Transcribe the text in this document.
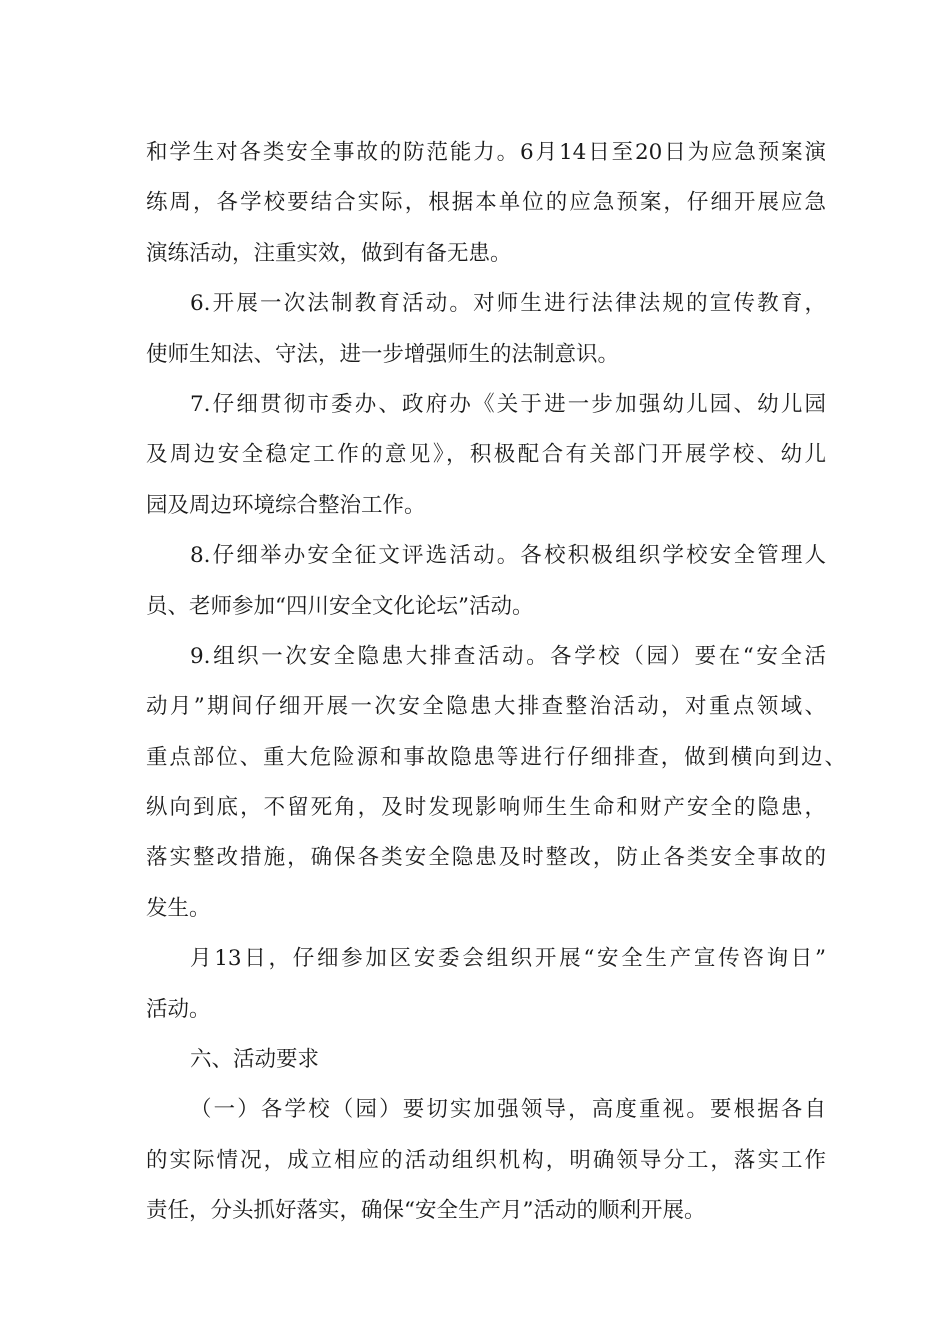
和学生对各类安全事故的防范能力。6月14日至20日为应急预案演
练周，各学校要结合实际，根据本单位的应急预案，仔细开展应急
演练活动，注重实效，做到有备无患。
6.开展一次法制教育活动。对师生进行法律法规的宣传教育，
使师生知法、守法，进一步增强师生的法制意识。
7.仔细贯彻市委办、政府办《关于进一步加强幼儿园、幼儿园
及周边安全稳定工作的意见》，积极配合有关部门开展学校、幼儿
园及周边环境综合整治工作。
8.仔细举办安全征文评选活动。各校积极组织学校安全管理人
员、老师参加“四川安全文化论坛”活动。
9.组织一次安全隐患大排查活动。各学校（园）要在“安全活
动月”期间仔细开展一次安全隐患大排查整治活动，对重点领域、
重点部位、重大危险源和事故隐患等进行仔细排查，做到横向到边、
纵向到底，不留死角，及时发现影响师生生命和财产安全的隐患，
落实整改措施，确保各类安全隐患及时整改，防止各类安全事故的
发生。
月13日，仔细参加区安委会组织开展“安全生产宣传咨询日”
活动。
六、活动要求
（一）各学校（园）要切实加强领导，高度重视。要根据各自
的实际情况，成立相应的活动组织机构，明确领导分工，落实工作
责任，分头抓好落实，确保“安全生产月”活动的顺利开展。
